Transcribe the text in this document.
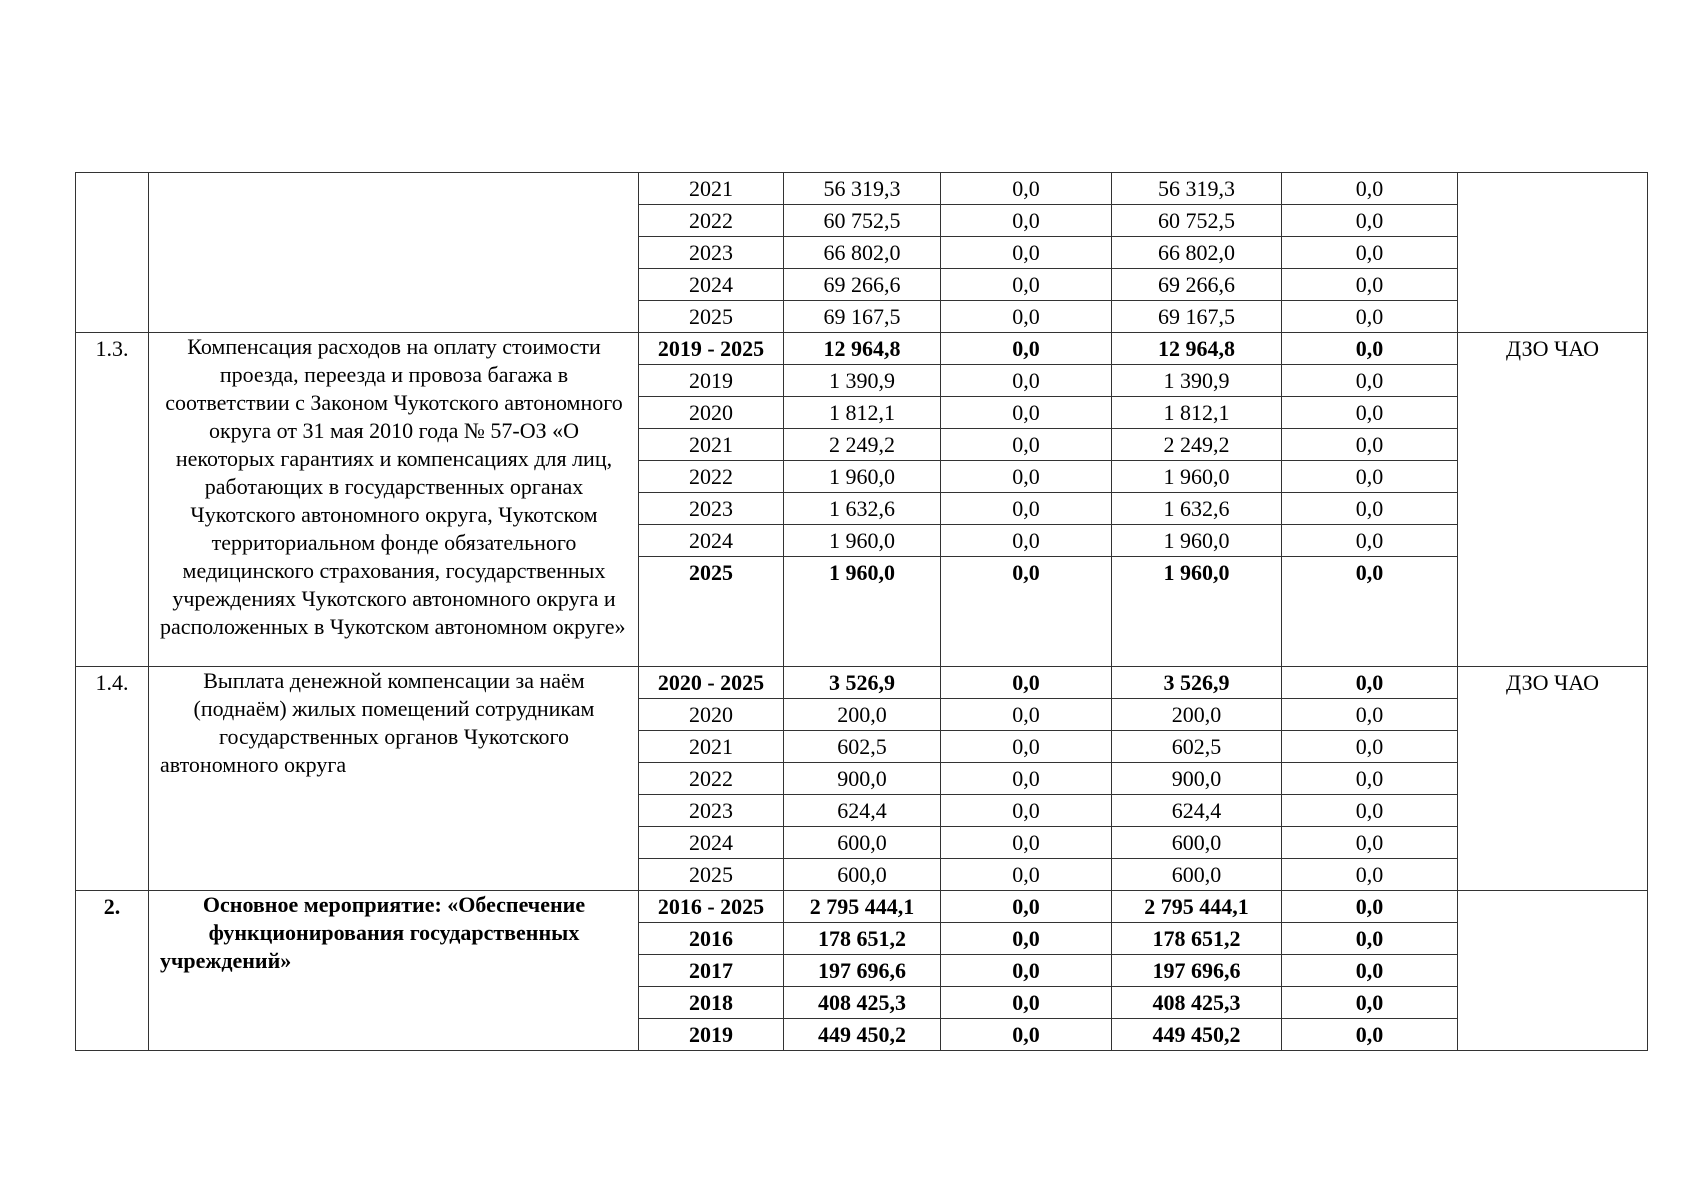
		2021	56 319,3	0,0	56 319,3	0,0	
		2022	60 752,5	0,0	60 752,5	0,0	
		2023	66 802,0	0,0	66 802,0	0,0	
		2024	69 266,6	0,0	69 266,6	0,0	
		2025	69 167,5	0,0	69 167,5	0,0	
1.3.	Компенсация расходов на оплату стоимости проезда, переезда и провоза багажа в соответствии с Законом Чукотского автономного округа от 31 мая 2010 года № 57-ОЗ «О некоторых гарантиях и компенсациях для лиц, работающих в государственных органах Чукотского автономного округа, Чукотском территориальном фонде обязательного медицинского страхования, государственных учреждениях Чукотского автономного округа и расположенных в Чукотском автономном округе»	2019 - 2025	12 964,8	0,0	12 964,8	0,0	ДЗО ЧАО
		2019	1 390,9	0,0	1 390,9	0,0	
		2020	1 812,1	0,0	1 812,1	0,0	
		2021	2 249,2	0,0	2 249,2	0,0	
		2022	1 960,0	0,0	1 960,0	0,0	
		2023	1 632,6	0,0	1 632,6	0,0	
		2024	1 960,0	0,0	1 960,0	0,0	
		2025	1 960,0	0,0	1 960,0	0,0	
1.4.	Выплата денежной компенсации за наём (поднаём) жилых помещений сотрудникам государственных органов Чукотского автономного округа	2020 - 2025	3 526,9	0,0	3 526,9	0,0	ДЗО ЧАО
		2020	200,0	0,0	200,0	0,0	
		2021	602,5	0,0	602,5	0,0	
		2022	900,0	0,0	900,0	0,0	
		2023	624,4	0,0	624,4	0,0	
		2024	600,0	0,0	600,0	0,0	
		2025	600,0	0,0	600,0	0,0	
2.	Основное мероприятие: «Обеспечение функционирования государственных учреждений»	2016 - 2025	2 795 444,1	0,0	2 795 444,1	0,0	
		2016	178 651,2	0,0	178 651,2	0,0	
		2017	197 696,6	0,0	197 696,6	0,0	
		2018	408 425,3	0,0	408 425,3	0,0	
		2019	449 450,2	0,0	449 450,2	0,0	
